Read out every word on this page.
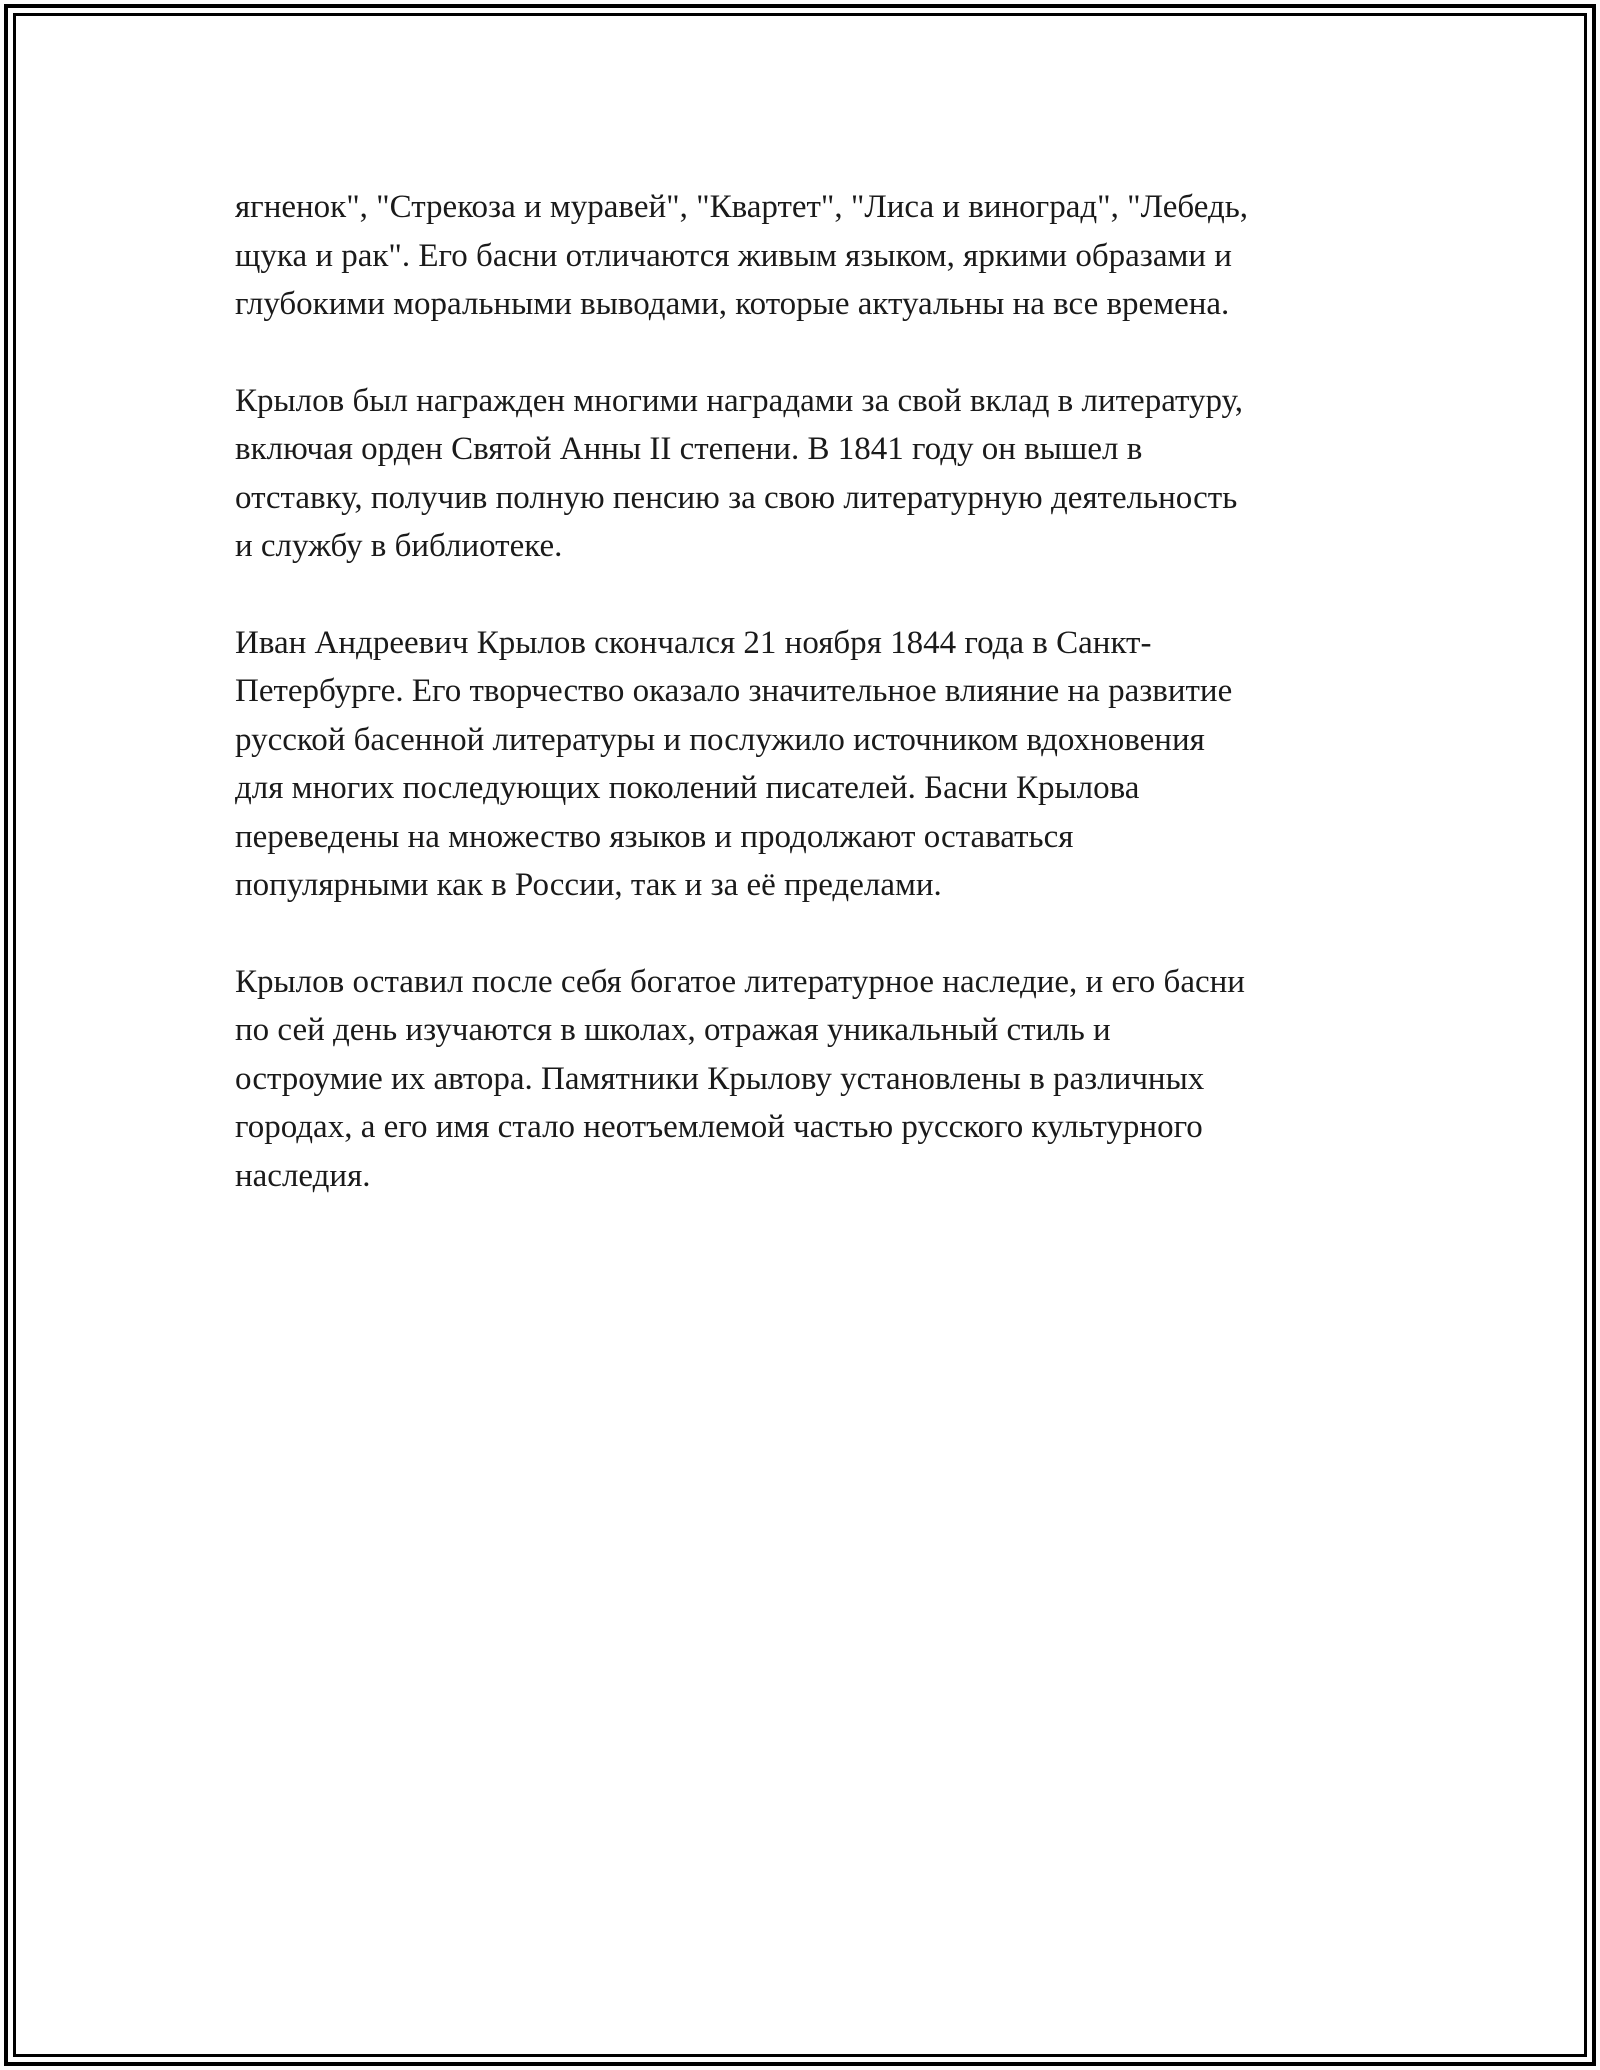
ягненок", "Стрекоза и муравей", "Квартет", "Лиса и виноград", "Лебедь,
щука и рак". Его басни отличаются живым языком, яркими образами и
глубокими моральными выводами, которые актуальны на все времена.

Крылов был награжден многими наградами за свой вклад в литературу,
включая орден Святой Анны II степени. В 1841 году он вышел в
отставку, получив полную пенсию за свою литературную деятельность
и службу в библиотеке.

Иван Андреевич Крылов скончался 21 ноября 1844 года в Санкт-
Петербурге. Его творчество оказало значительное влияние на развитие
русской басенной литературы и послужило источником вдохновения
для многих последующих поколений писателей. Басни Крылова
переведены на множество языков и продолжают оставаться
популярными как в России, так и за её пределами.

Крылов оставил после себя богатое литературное наследие, и его басни
по сей день изучаются в школах, отражая уникальный стиль и
остроумие их автора. Памятники Крылову установлены в различных
городах, а его имя стало неотъемлемой частью русского культурного
наследия.
